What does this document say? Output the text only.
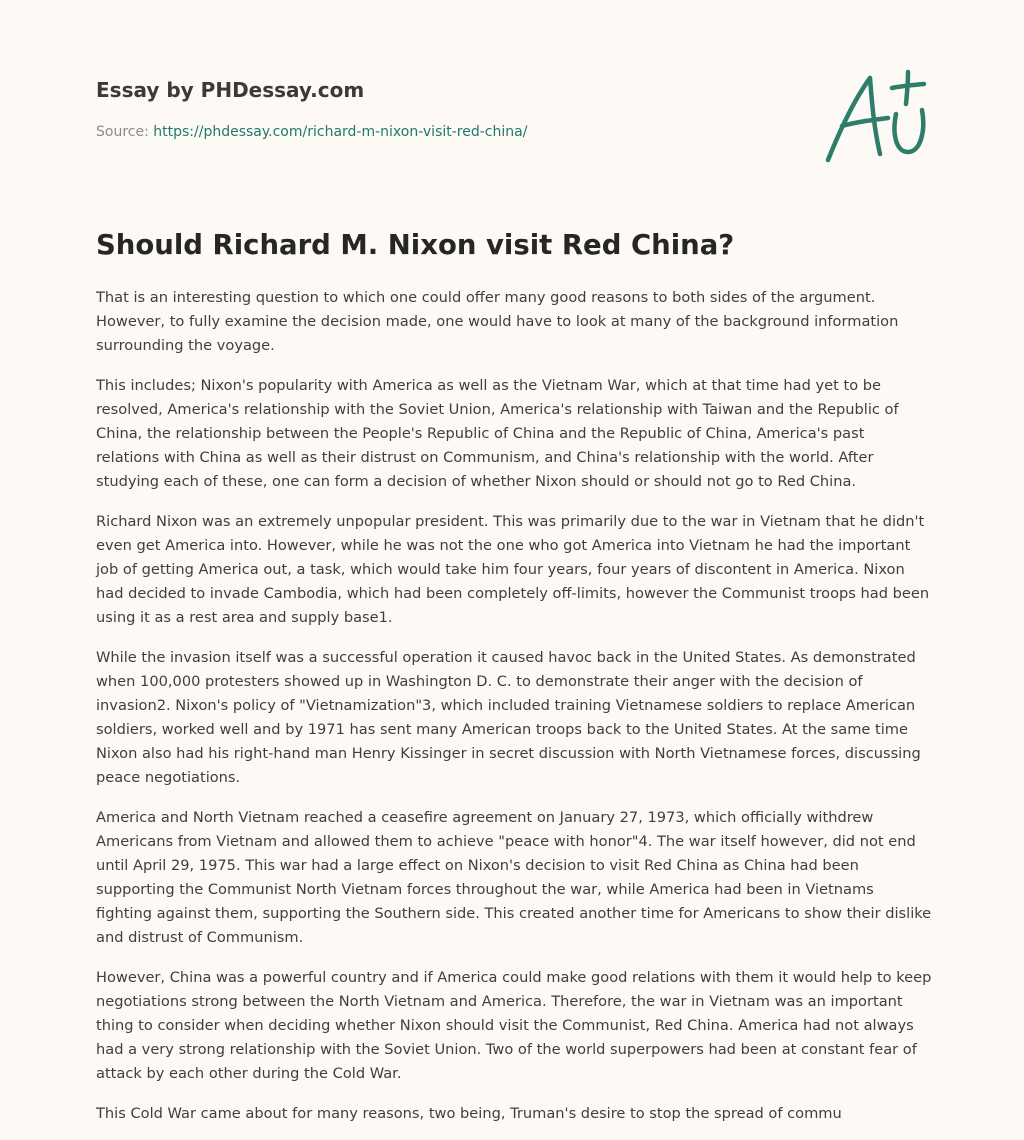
Essay by PHDessay.com
Source: https://phdessay.com/richard-m-nixon-visit-red-china/
Should Richard M. Nixon visit Red China?

That is an interesting question to which one could offer many good reasons to both sides of the argument. However, to fully examine the decision made, one would have to look at many of the background information surrounding the voyage.

This includes; Nixon's popularity with America as well as the Vietnam War, which at that time had yet to be resolved, America's relationship with the Soviet Union, America's relationship with Taiwan and the Republic of China, the relationship between the People's Republic of China and the Republic of China, America's past relations with China as well as their distrust on Communism, and China's relationship with the world. After studying each of these, one can form a decision of whether Nixon should or should not go to Red China.

Richard Nixon was an extremely unpopular president. This was primarily due to the war in Vietnam that he didn't even get America into. However, while he was not the one who got America into Vietnam he had the important job of getting America out, a task, which would take him four years, four years of discontent in America. Nixon had decided to invade Cambodia, which had been completely off-limits, however the Communist troops had been using it as a rest area and supply base1.

While the invasion itself was a successful operation it caused havoc back in the United States. As demonstrated when 100,000 protesters showed up in Washington D. C. to demonstrate their anger with the decision of invasion2. Nixon's policy of "Vietnamization"3, which included training Vietnamese soldiers to replace American soldiers, worked well and by 1971 has sent many American troops back to the United States. At the same time Nixon also had his right-hand man Henry Kissinger in secret discussion with North Vietnamese forces, discussing peace negotiations.

America and North Vietnam reached a ceasefire agreement on January 27, 1973, which officially withdrew Americans from Vietnam and allowed them to achieve "peace with honor"4. The war itself however, did not end until April 29, 1975. This war had a large effect on Nixon's decision to visit Red China as China had been supporting the Communist North Vietnam forces throughout the war, while America had been in Vietnams fighting against them, supporting the Southern side. This created another time for Americans to show their dislike and distrust of Communism.

However, China was a powerful country and if America could make good relations with them it would help to keep negotiations strong between the North Vietnam and America. Therefore, the war in Vietnam was an important thing to consider when deciding whether Nixon should visit the Communist, Red China. America had not always had a very strong relationship with the Soviet Union. Two of the world superpowers had been at constant fear of attack by each other during the Cold War.

This Cold War came about for many reasons, two being, Truman's desire to stop the spread of commu
